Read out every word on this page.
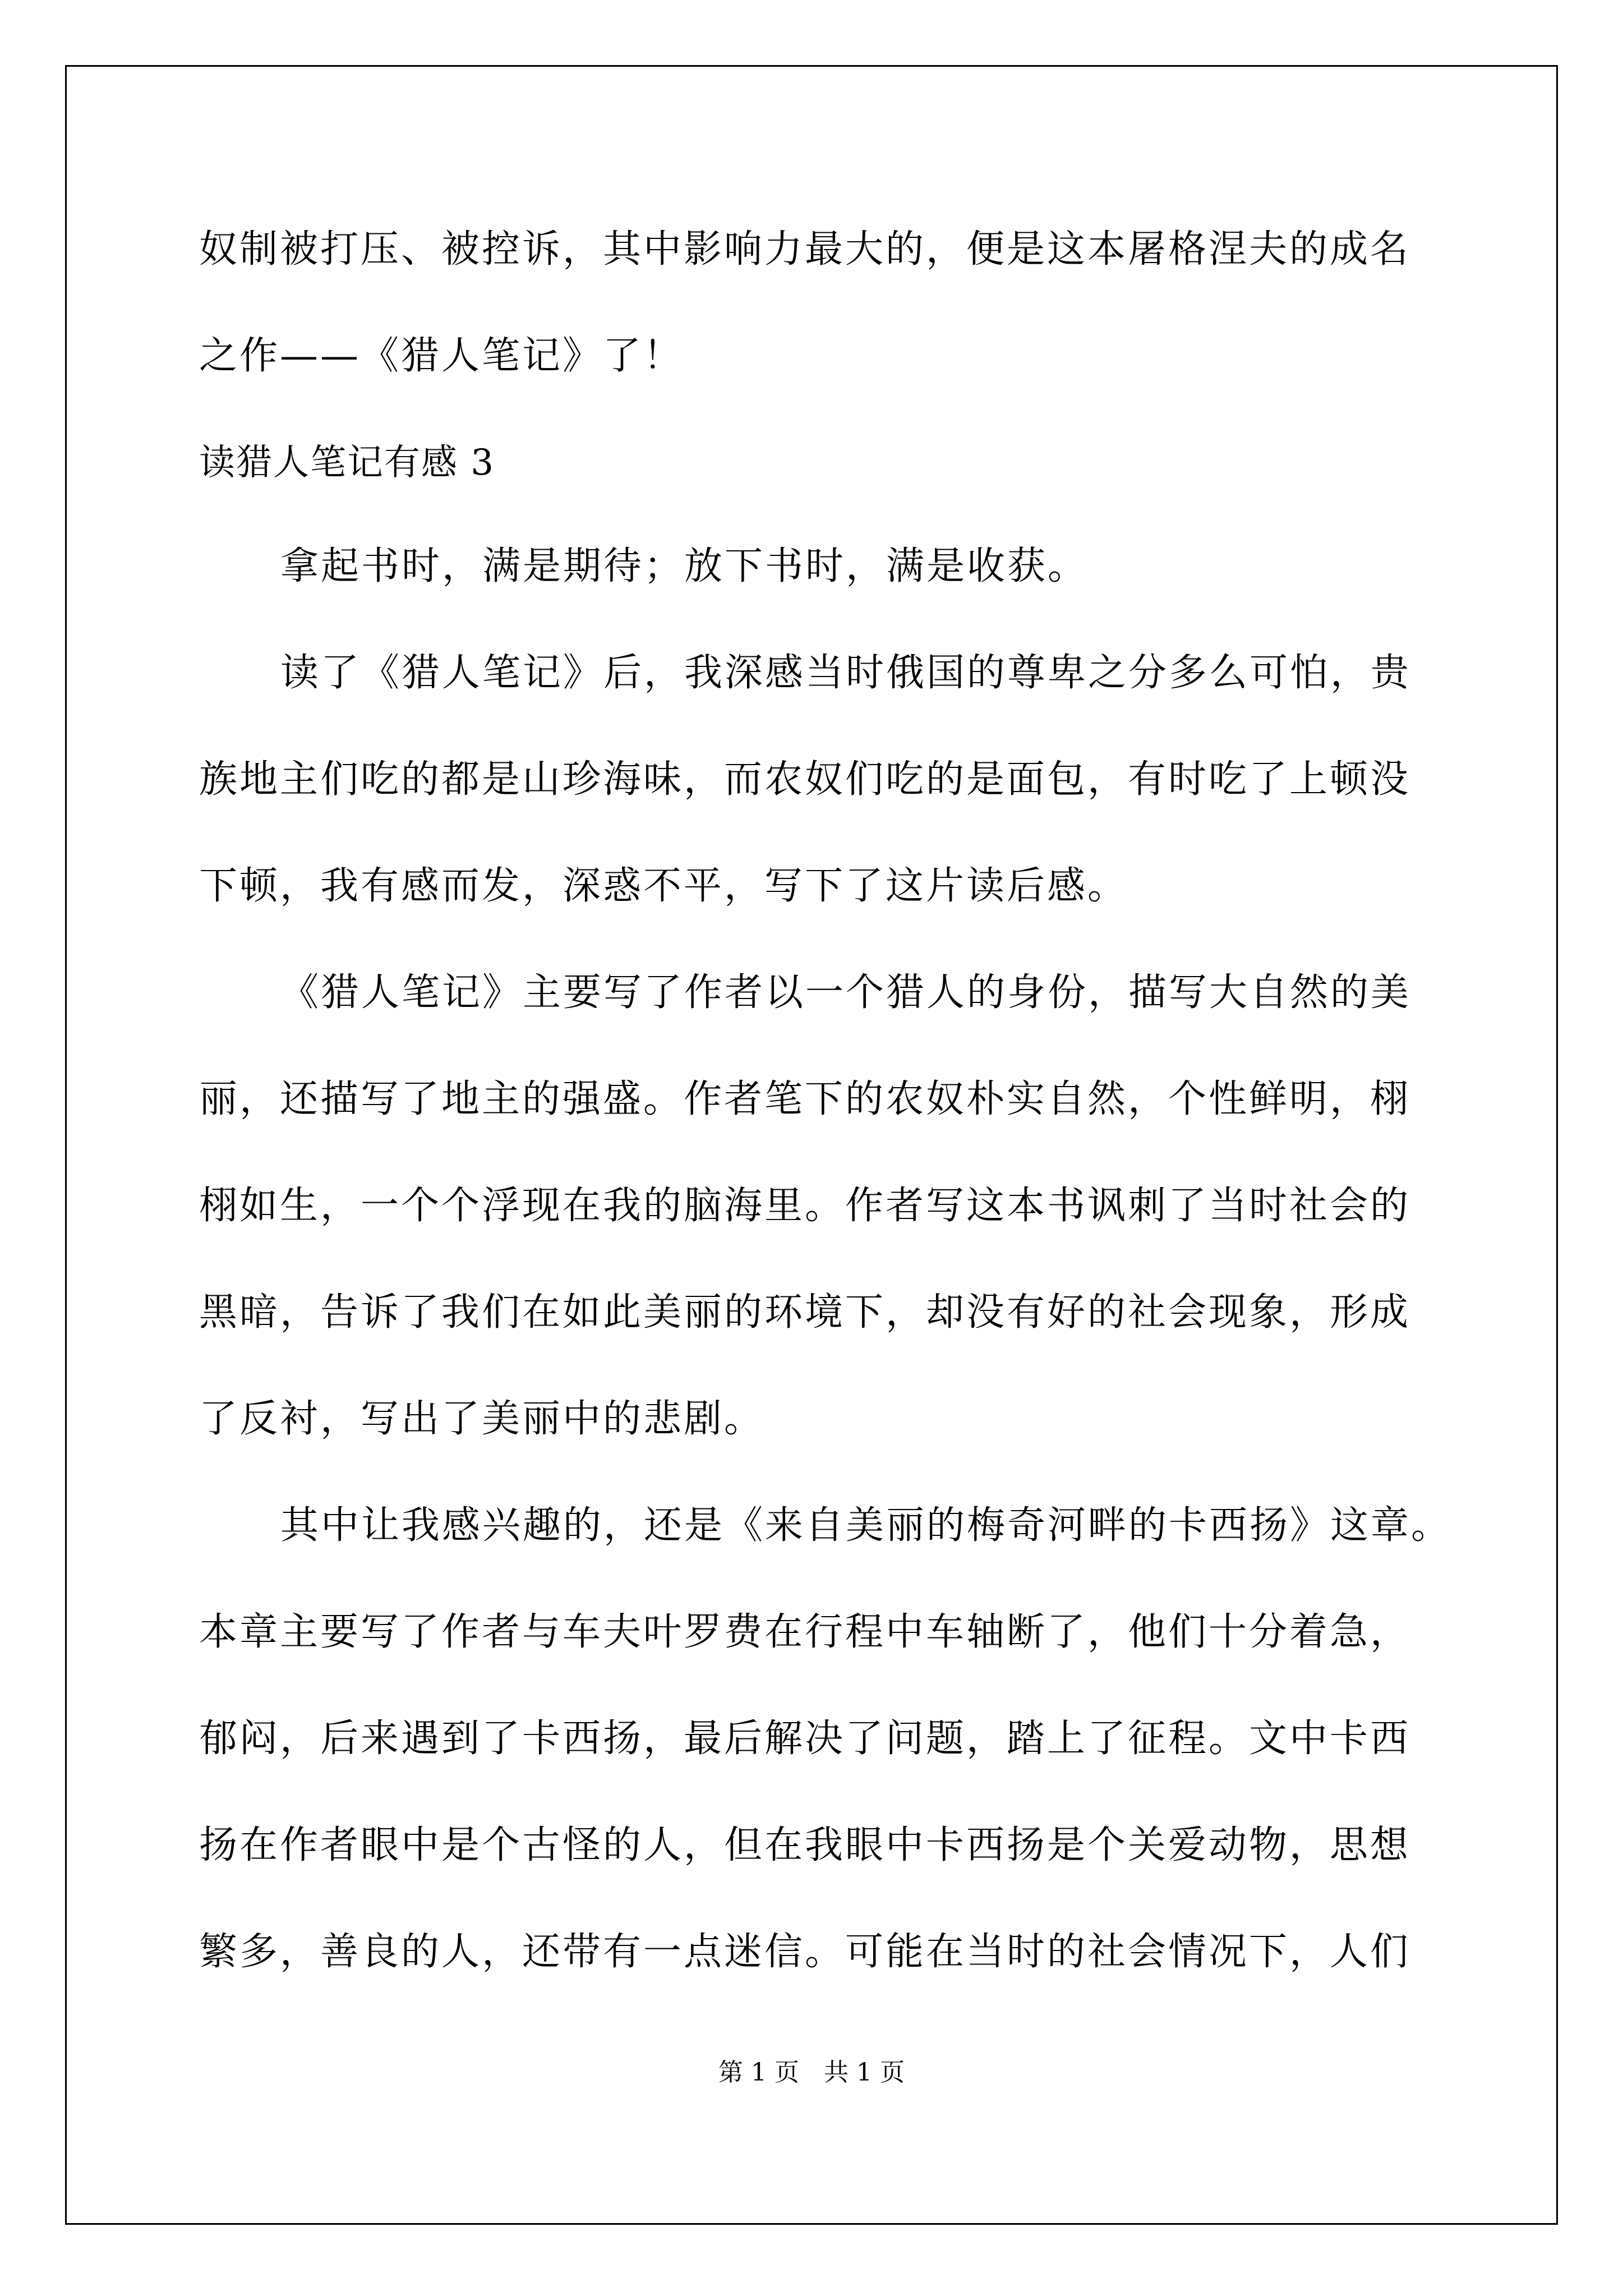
奴制被打压、被控诉，其中影响力最大的，便是这本屠格涅夫的成名
之作——《猎人笔记》了！
读猎人笔记有感 3
拿起书时，满是期待；放下书时，满是收获。
读了《猎人笔记》后，我深感当时俄国的尊卑之分多么可怕，贵
族地主们吃的都是山珍海味，而农奴们吃的是面包，有时吃了上顿没
下顿，我有感而发，深惑不平，写下了这片读后感。
《猎人笔记》主要写了作者以一个猎人的身份，描写大自然的美
丽，还描写了地主的强盛。作者笔下的农奴朴实自然，个性鲜明，栩
栩如生，一个个浮现在我的脑海里。作者写这本书讽刺了当时社会的
黑暗，告诉了我们在如此美丽的环境下，却没有好的社会现象，形成
了反衬，写出了美丽中的悲剧。
其中让我感兴趣的，还是《来自美丽的梅奇河畔的卡西扬》这章。
本章主要写了作者与车夫叶罗费在行程中车轴断了，他们十分着急，
郁闷，后来遇到了卡西扬，最后解决了问题，踏上了征程。文中卡西
扬在作者眼中是个古怪的人，但在我眼中卡西扬是个关爱动物，思想
繁多，善良的人，还带有一点迷信。可能在当时的社会情况下，人们
第 1 页　共 1 页
